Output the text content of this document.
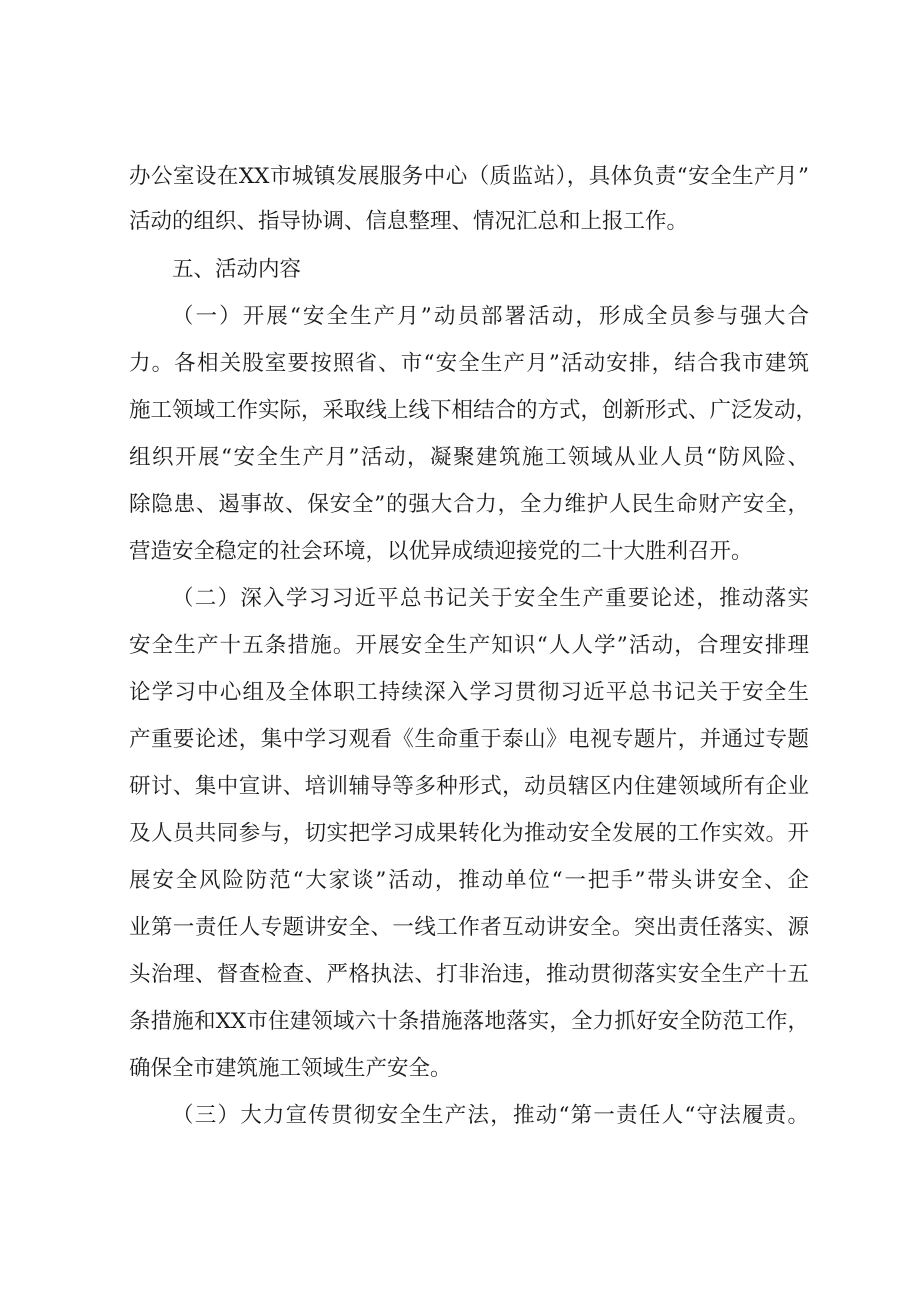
办公室设在XX市城镇发展服务中心（质监站），具体负责“安全生产月”
活动的组织、指导协调、信息整理、情况汇总和上报工作。
五、活动内容
（一）开展“安全生产月”动员部署活动，形成全员参与强大合
力。各相关股室要按照省、市“安全生产月”活动安排，结合我市建筑
施工领域工作实际，采取线上线下相结合的方式，创新形式、广泛发动，
组织开展“安全生产月”活动，凝聚建筑施工领域从业人员“防风险、
除隐患、遏事故、保安全”的强大合力，全力维护人民生命财产安全，
营造安全稳定的社会环境，以优异成绩迎接党的二十大胜利召开。
（二）深入学习习近平总书记关于安全生产重要论述，推动落实
安全生产十五条措施。开展安全生产知识“人人学”活动，合理安排理
论学习中心组及全体职工持续深入学习贯彻习近平总书记关于安全生
产重要论述，集中学习观看《生命重于泰山》电视专题片，并通过专题
研讨、集中宣讲、培训辅导等多种形式，动员辖区内住建领域所有企业
及人员共同参与，切实把学习成果转化为推动安全发展的工作实效。开
展安全风险防范“大家谈”活动，推动单位“一把手”带头讲安全、企
业第一责任人专题讲安全、一线工作者互动讲安全。突出责任落实、源
头治理、督查检查、严格执法、打非治违，推动贯彻落实安全生产十五
条措施和XX市住建领域六十条措施落地落实，全力抓好安全防范工作，
确保全市建筑施工领域生产安全。
（三）大力宣传贯彻安全生产法，推动“第一责任人“守法履责。
